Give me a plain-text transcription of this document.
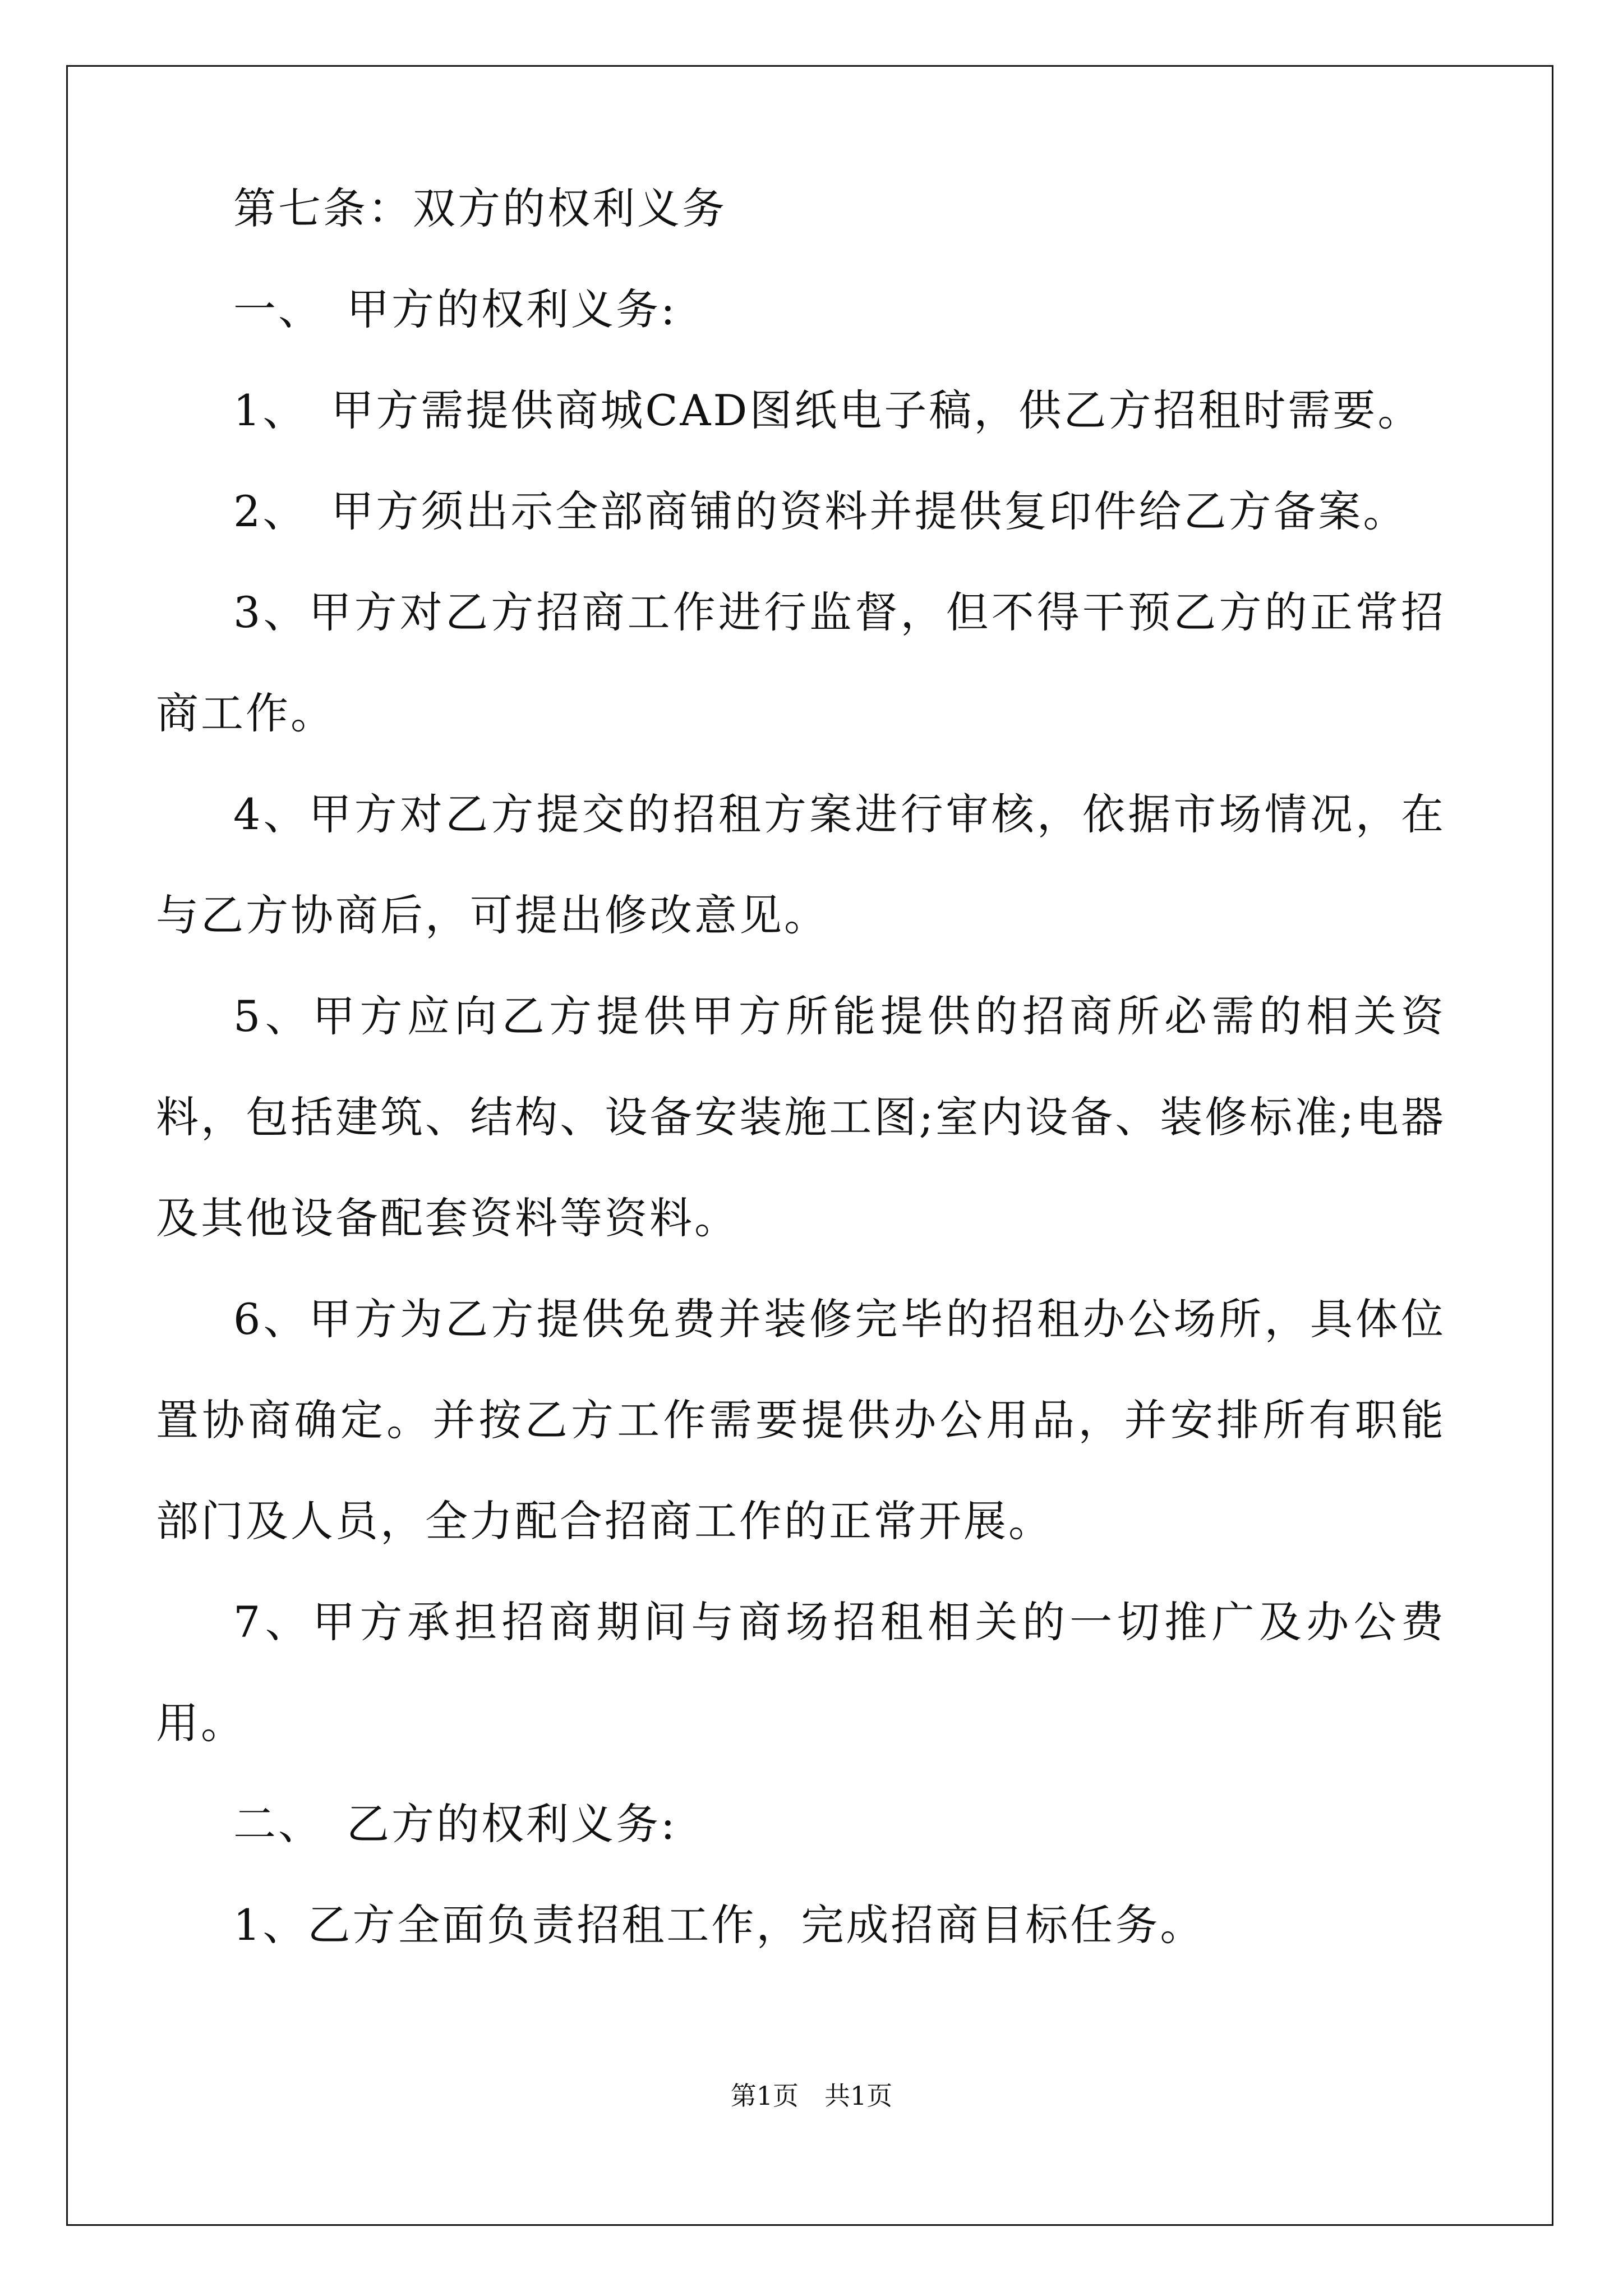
第七条：双方的权利义务

一、　甲方的权利义务:

1、　甲方需提供商城CAD图纸电子稿，供乙方招租时需要。

2、　甲方须出示全部商铺的资料并提供复印件给乙方备案。

3、甲方对乙方招商工作进行监督，但不得干预乙方的正常招商工作。

4、甲方对乙方提交的招租方案进行审核，依据市场情况，在与乙方协商后，可提出修改意见。

5、甲方应向乙方提供甲方所能提供的招商所必需的相关资料，包括建筑、结构、设备安装施工图;室内设备、装修标准;电器及其他设备配套资料等资料。

6、甲方为乙方提供免费并装修完毕的招租办公场所，具体位置协商确定。并按乙方工作需要提供办公用品，并安排所有职能部门及人员，全力配合招商工作的正常开展。

7、甲方承担招商期间与商场招租相关的一切推广及办公费用。

二、　乙方的权利义务:

1、乙方全面负责招租工作，完成招商目标任务。

第1页　共1页
